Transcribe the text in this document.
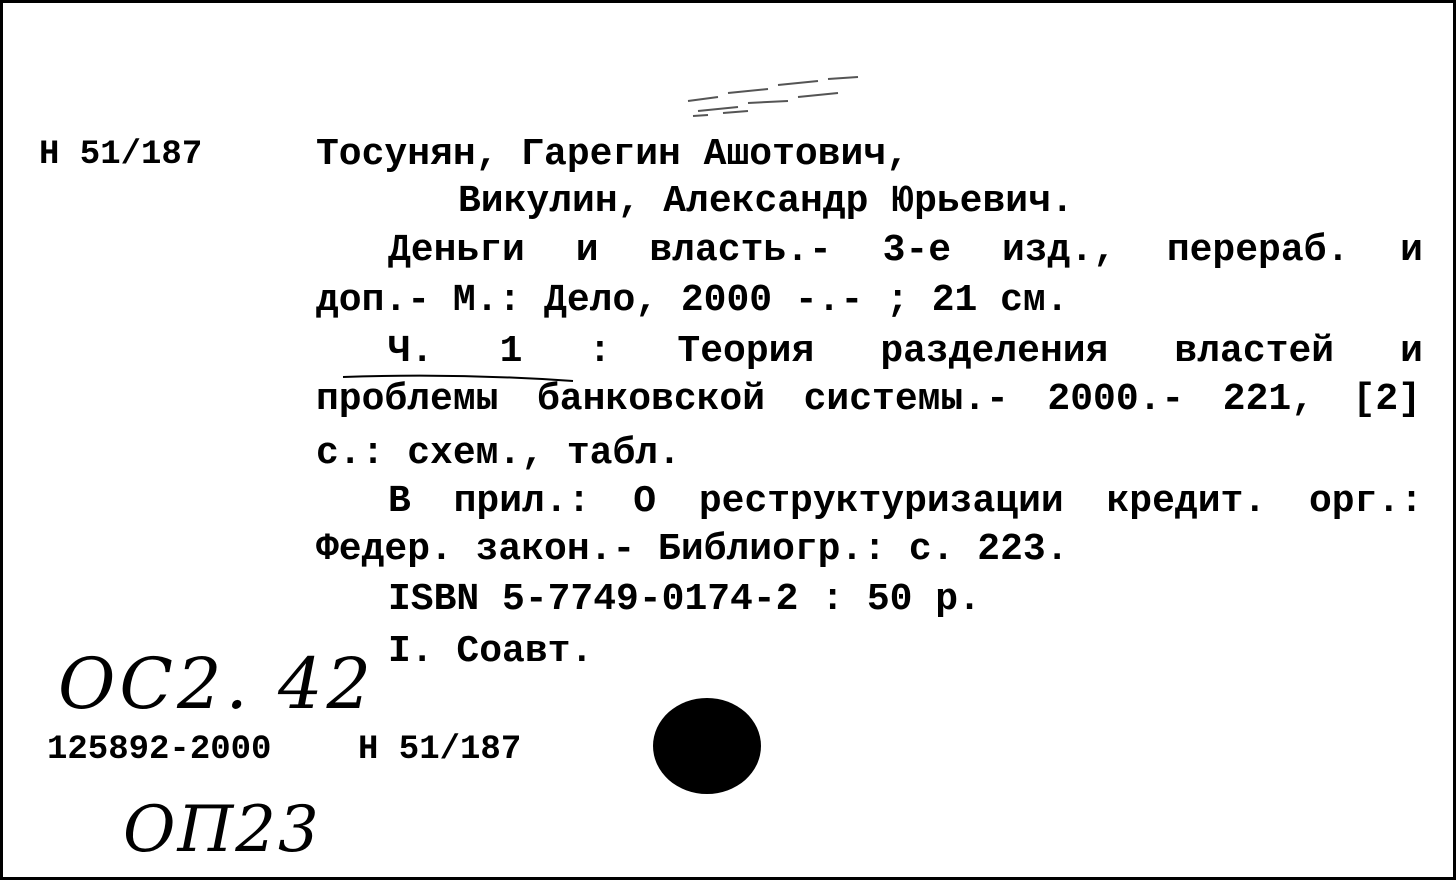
Н 51/187	Тосунян, Гарегин Ашотович,
Викулин, Александр Юрьевич.
Деньги и власть.- 3-е изд., перераб. и
доп.- М.: Дело, 2000 -.- ; 21 см.
Ч. 1 : Теория разделения властей и
проблемы банковской системы.- 2000.- 221, [2]
с.: схем., табл.
В прил.: О реструктуризации кредит. орг.:
Федер. закон.- Библиогр.: с. 223.
ISBN 5-7749-0174-2 : 50 р.
I. Соавт.
ОС2. 42
125892-2000	Н 51/187
ОП23
